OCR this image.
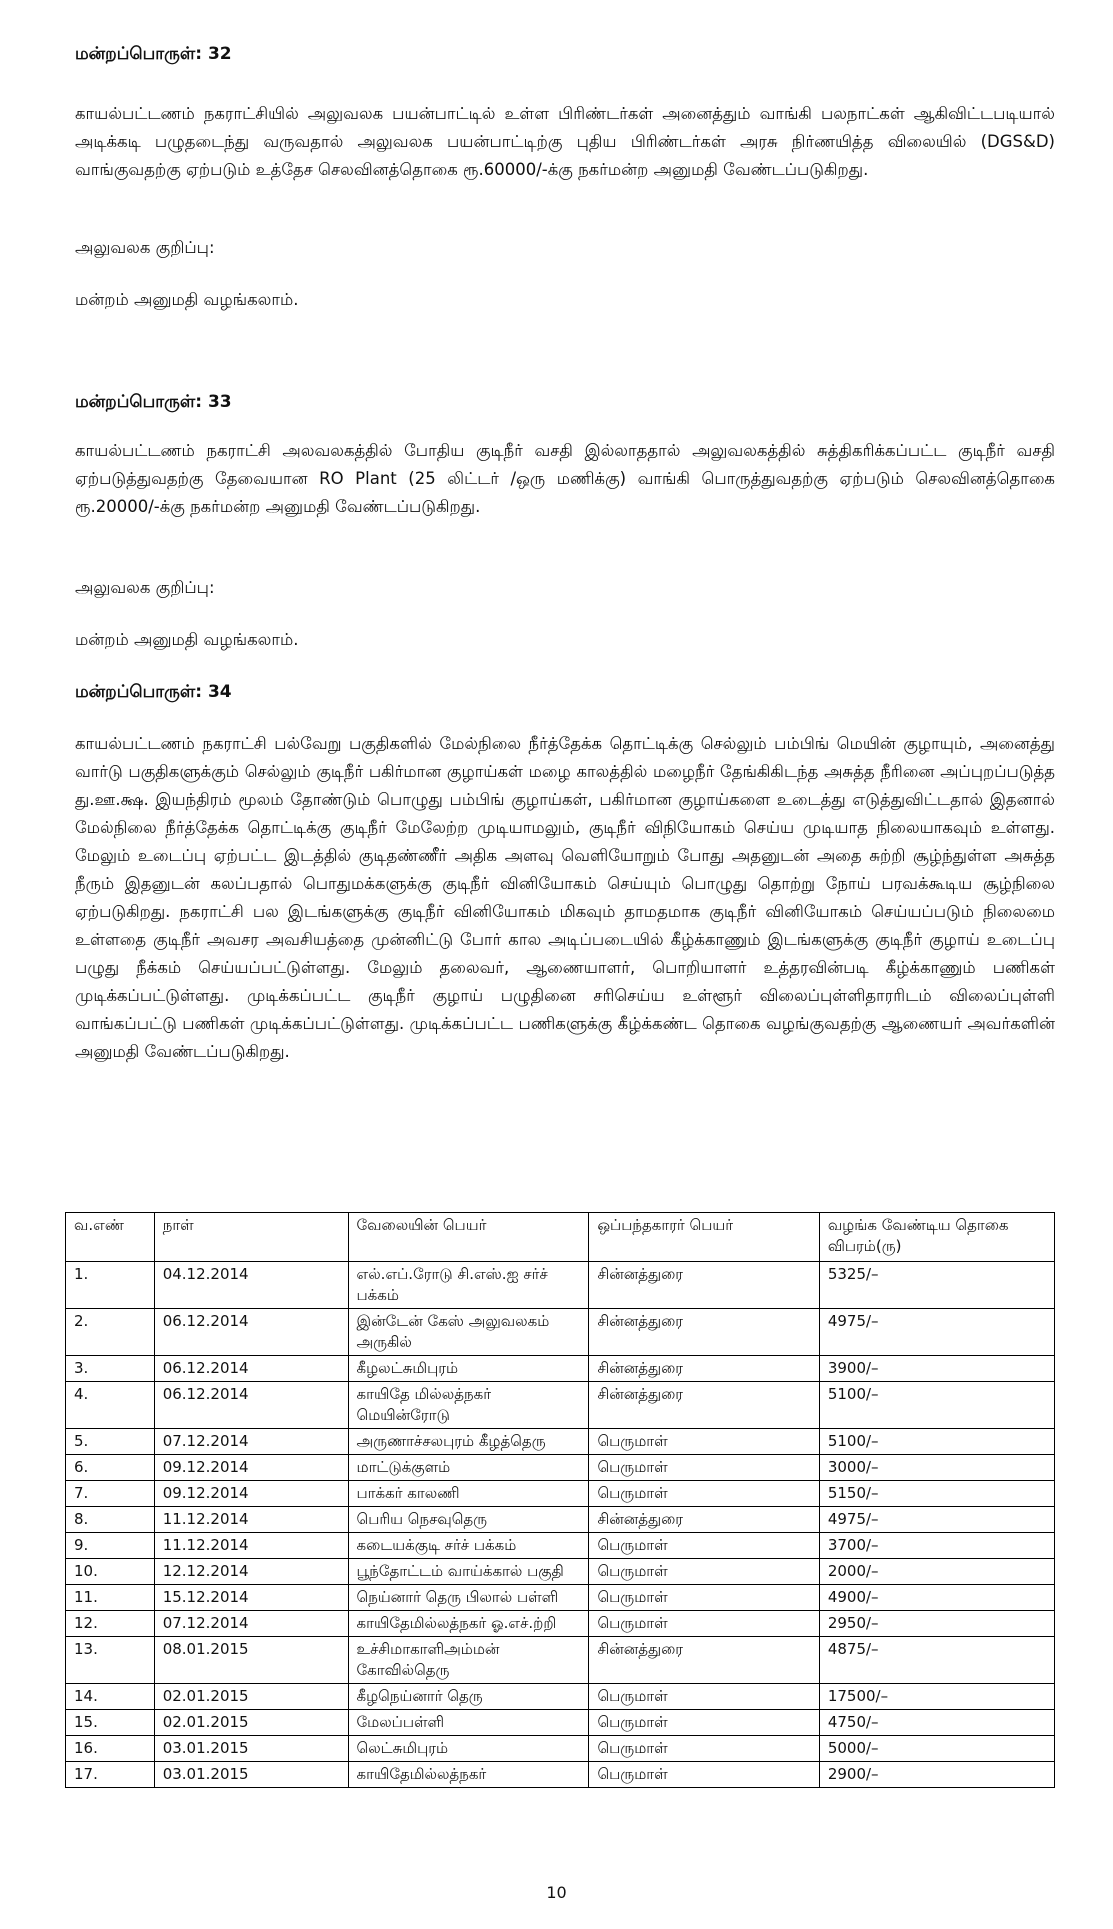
மன்றப்பொருள்: 32
காயல்பட்டணம் நகராட்சியில் அலுவலக பயன்பாட்டில் உள்ள பிரிண்டர்கள் அனைத்தும் வாங்கி பலநாட்கள் ஆகிவிட்டபடியால் அடிக்கடி பழுதடைந்து வருவதால் அலுவலக பயன்பாட்டிற்கு புதிய பிரிண்டர்கள் அரசு நிர்ணயித்த விலையில் (DGS&D) வாங்குவதற்கு ஏற்படும் உத்தேச செலவினத்தொகை ரூ.60000/-க்கு நகர்மன்ற அனுமதி வேண்டப்படுகிறது.
அலுவலக குறிப்பு:
மன்றம் அனுமதி வழங்கலாம்.
மன்றப்பொருள்: 33
காயல்பட்டணம் நகராட்சி அலவலகத்தில் போதிய குடிநீர் வசதி இல்லாததால் அலுவலகத்தில் சுத்திகரிக்கப்பட்ட குடிநீர் வசதி ஏற்படுத்துவதற்கு தேவையான RO Plant (25 லிட்டர் /ஒரு மணிக்கு) வாங்கி பொருத்துவதற்கு ஏற்படும் செலவினத்தொகை ரூ.20000/-க்கு நகர்மன்ற அனுமதி வேண்டப்படுகிறது.
அலுவலக குறிப்பு:
மன்றம் அனுமதி வழங்கலாம்.
மன்றப்பொருள்: 34
காயல்பட்டணம் நகராட்சி பல்வேறு பகுதிகளில் மேல்நிலை நீர்த்தேக்க தொட்டிக்கு செல்லும் பம்பிங் மெயின் குழாயும், அனைத்து வார்டு பகுதிகளுக்கும் செல்லும் குடிநீர் பகிர்மான குழாய்கள் மழை காலத்தில் மழைநீர் தேங்கிகிடந்த அசுத்த நீரினை அப்புறப்படுத்த து.ஊ.க்ஷ. இயந்திரம் மூலம் தோண்டும் பொழுது பம்பிங் குழாய்கள், பகிர்மான குழாய்களை உடைத்து எடுத்துவிட்டதால் இதனால் மேல்நிலை நீர்த்தேக்க தொட்டிக்கு குடிநீர் மேலேற்ற முடியாமலும், குடிநீர் விநியோகம் செய்ய முடியாத நிலையாகவும் உள்ளது. மேலும் உடைப்பு ஏற்பட்ட இடத்தில் குடிதண்ணீர் அதிக அளவு வெளியோறும் போது அதனுடன் அதை சுற்றி சூழ்ந்துள்ள அசுத்த நீரும் இதனுடன் கலப்பதால் பொதுமக்களுக்கு குடிநீர் வினியோகம் செய்யும் பொழுது தொற்று நோய் பரவக்கூடிய சூழ்நிலை ஏற்படுகிறது. நகராட்சி பல இடங்களுக்கு குடிநீர் வினியோகம் மிகவும் தாமதமாக குடிநீர் வினியோகம் செய்யப்படும் நிலைமை உள்ளதை குடிநீர் அவசர அவசியத்தை முன்னிட்டு போர் கால அடிப்படையில் கீழ்க்காணும் இடங்களுக்கு குடிநீர் குழாய் உடைப்பு பழுது நீக்கம் செய்யப்பட்டுள்ளது. மேலும் தலைவர், ஆணையாளர், பொறியாளர் உத்தரவின்படி கீழ்க்காணும் பணிகள் முடிக்கப்பட்டுள்ளது. முடிக்கப்பட்ட குடிநீர் குழாய் பழுதினை சரிசெய்ய உள்ளூர் விலைப்புள்ளிதாரரிடம் விலைப்புள்ளி வாங்கப்பட்டு பணிகள் முடிக்கப்பட்டுள்ளது. முடிக்கப்பட்ட பணிகளுக்கு கீழ்க்கண்ட தொகை வழங்குவதற்கு ஆணையர் அவர்களின் அனுமதி வேண்டப்படுகிறது.
வ.எண்	நாள்	வேலையின் பெயர்	ஒப்பந்தகாரர் பெயர்	வழங்க வேண்டிய தொகை விபரம்(ரு)
1.	04.12.2014	எல்.எப்.ரோடு சி.எஸ்.ஐ சர்ச் பக்கம்	சின்னத்துரை	5325/–
2.	06.12.2014	இன்டேன் கேஸ் அலுவலகம் அருகில்	சின்னத்துரை	4975/–
3.	06.12.2014	கீழலட்சுமிபுரம்	சின்னத்துரை	3900/–
4.	06.12.2014	காயிதே மில்லத்நகர் மெயின்ரோடு	சின்னத்துரை	5100/–
5.	07.12.2014	அருணாச்சலபுரம் கீழத்தெரு	பெருமாள்	5100/–
6.	09.12.2014	மாட்டுக்குளம்	பெருமாள்	3000/–
7.	09.12.2014	பாக்கர் காலணி	பெருமாள்	5150/–
8.	11.12.2014	பெரிய நெசவுதெரு	சின்னத்துரை	4975/–
9.	11.12.2014	கடையக்குடி சர்ச் பக்கம்	பெருமாள்	3700/–
10.	12.12.2014	பூந்தோட்டம் வாய்க்கால் பகுதி	பெருமாள்	2000/–
11.	15.12.2014	நெய்னார் தெரு பிலால் பள்ளி	பெருமாள்	4900/–
12.	07.12.2014	காயிதேமில்லத்நகர் ஓ.எச்.ற்றி	பெருமாள்	2950/–
13.	08.01.2015	உச்சிமாகாளிஅம்மன் கோவில்தெரு	சின்னத்துரை	4875/–
14.	02.01.2015	கீழநெய்னார் தெரு	பெருமாள்	17500/–
15.	02.01.2015	மேலப்பள்ளி	பெருமாள்	4750/–
16.	03.01.2015	லெட்சுமிபுரம்	பெருமாள்	5000/–
17.	03.01.2015	காயிதேமில்லத்நகர்	பெருமாள்	2900/–
10
